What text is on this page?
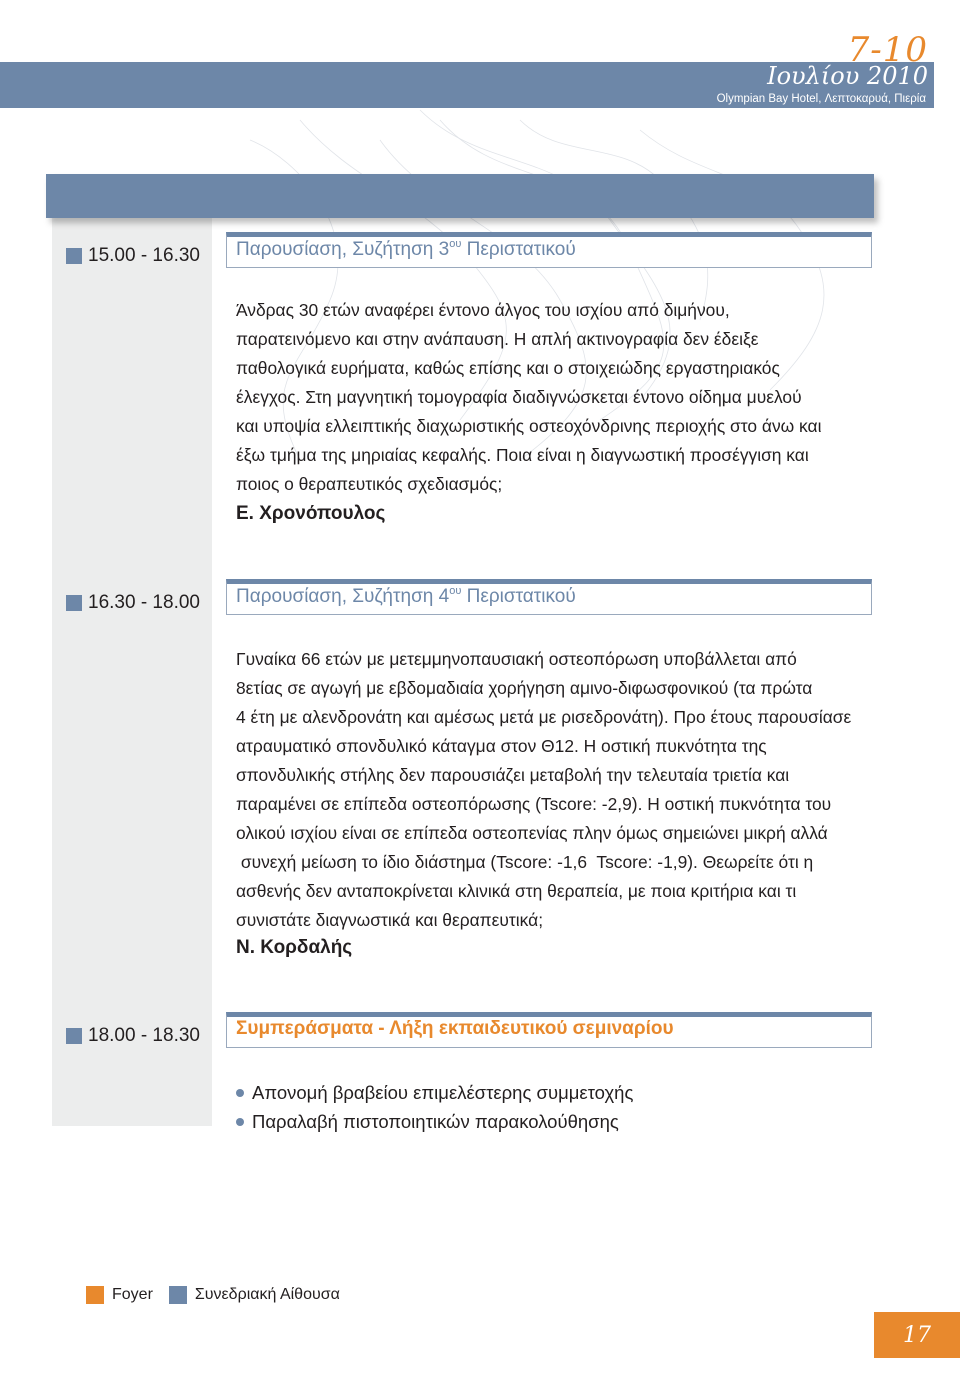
7-10
Ιουλίου 2010
Olympian Bay Hotel, Λεπτοκαρυά, Πιερία
15.00 - 16.30 Παρουσίαση, Συζήτηση $3^{o\upsilon}$ Περιστατικού
Άνδρας 30 ετών αναφέρει έντονο άλγος του ισχίου από διμήνου,
παρατεινόμενο και στην ανάπαυση. Η απλή ακτινογραφία δεν έδειξε
παθολογικά ευρήματα, καθώς επίσης και ο στοιχειώδης εργαστηριακός
έλεγχος. Στη μαγνητική τομογραφία διαδιγνώσκεται έντονο οίδημα μυελού
και υποψία ελλειπτικής διαχωριστικής οστεοχόνδρινης περιοχής στο άνω και
έξω τμήμα της μηριαίας κεφαλής. Ποια είναι η διαγνωστική προσέγγιση και
ποιος ο θεραπευτικός σχεδιασμός;
Ε. Χρονόπουλος
16.30 - 18.00 Παρουσίαση, Συζήτηση $4^{o\upsilon}$ Περιστατικού
Γυναίκα 66 ετών με μετεμμηνοπαυσιακή οστεοπόρωση υποβάλλεται από
8ετίας σε αγωγή με εβδομαδιαία χορήγηση αμινο-διφωσφονικού (τα πρώτα
4 έτη με αλενδρονάτη και αμέσως μετά με ρισεδρονάτη). Προ έτους παρουσίασε
ατραυματικό σπονδυλικό κάταγμα στον Θ12. Η οστική πυκνότητα της
σπονδυλικής στήλης δεν παρουσιάζει μεταβολή την τελευταία τριετία και
παραμένει σε επίπεδα οστεοπόρωσης (Tscore: -2,9). Η οστική πυκνότητα του
ολικού ισχίου είναι σε επίπεδα οστεοπενίας πλην όμως σημειώνει μικρή αλλά
συνεχή μείωση το ίδιο διάστημα (Tscore: -1,6  Tscore: -1,9). Θεωρείτε ότι η
ασθενής δεν ανταποκρίνεται κλινικά στη θεραπεία, με ποια κριτήρια και τι
συνιστάτε διαγνωστικά και θεραπευτικά;
Ν. Κορδαλής
18.00 - 18.30 Συμπεράσματα - Λήξη εκπαιδευτικού σεμιναρίου
Απονομή βραβείου επιμελέστερης συμμετοχής
Παραλαβή πιστοποιητικών παρακολούθησης
Foyer	Συνεδριακή Αίθουσα
17
